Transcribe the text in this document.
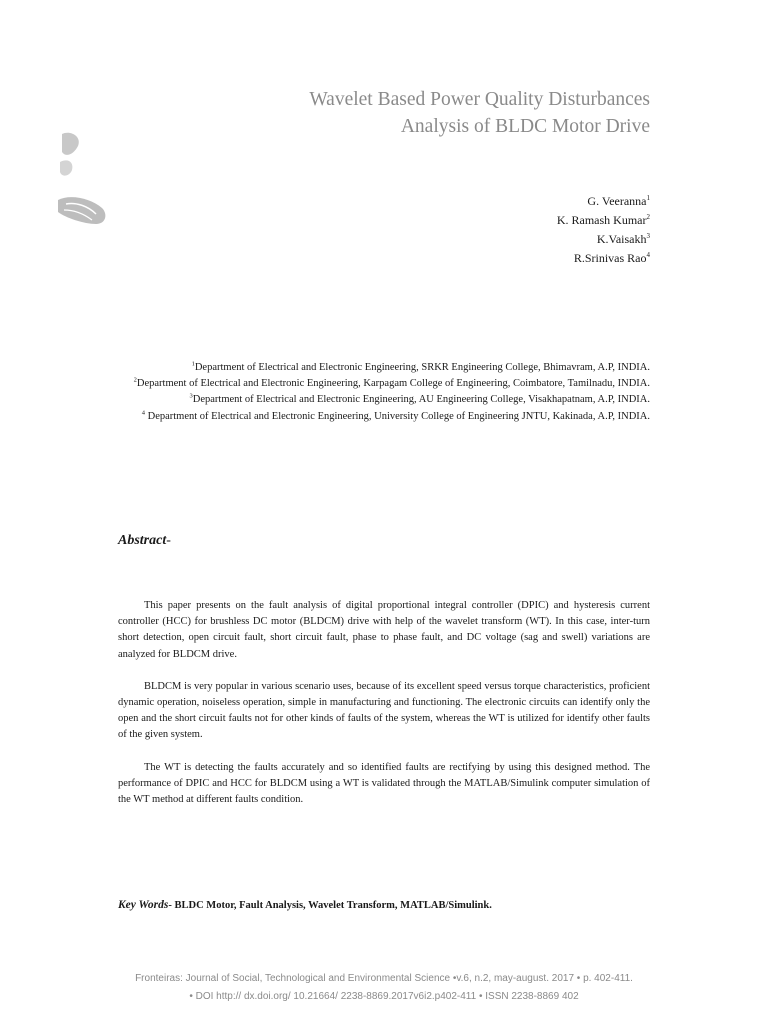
Wavelet Based Power Quality Disturbances
Analysis of BLDC Motor Drive
G. Veeranna$^1$
K. Ramash Kumar$^2$
K.Vaisakh$^3$
R.Srinivas Rao$^4$
$^1$Department of Electrical and Electronic Engineering, SRKR Engineering College, Bhimavram, A.P, INDIA.
$^2$Department of Electrical and Electronic Engineering, Karpagam College of Engineering, Coimbatore, Tamilnadu, INDIA.
$^3$Department of Electrical and Electronic Engineering, AU Engineering College, Visakhapatnam, A.P, INDIA.
$^4$ Department of Electrical and Electronic Engineering, University College of Engineering JNTU, Kakinada, A.P, INDIA.
Abstract-

This paper presents on the fault analysis of digital proportional integral controller (DPIC) and hysteresis current controller (HCC) for brushless DC motor (BLDCM) drive with help of the wavelet transform (WT). In this case, inter-turn short detection, open circuit fault, short circuit fault, phase to phase fault, and DC voltage (sag and swell) variations are analyzed for BLDCM drive.

BLDCM is very popular in various scenario uses, because of its excellent speed versus torque characteristics, proficient dynamic operation, noiseless operation, simple in manufacturing and functioning. The electronic circuits can identify only the open and the short circuit faults not for other kinds of faults of the system, whereas the WT is utilized for identify other faults of the given system.

The WT is detecting the faults accurately and so identified faults are rectifying by using this designed method. The performance of DPIC and HCC for BLDCM using a WT is validated through the MATLAB/Simulink computer simulation of the WT method at different faults condition.

Key Words- BLDC Motor, Fault Analysis, Wavelet Transform, MATLAB/Simulink.
Fronteiras: Journal of Social, Technological and Environmental Science •v.6, n.2, may-august. 2017 • p. 402-411.
• DOI http:// dx.doi.org/ 10.21664/ 2238-8869.2017v6i2.p402-411 • ISSN 2238-8869 402
